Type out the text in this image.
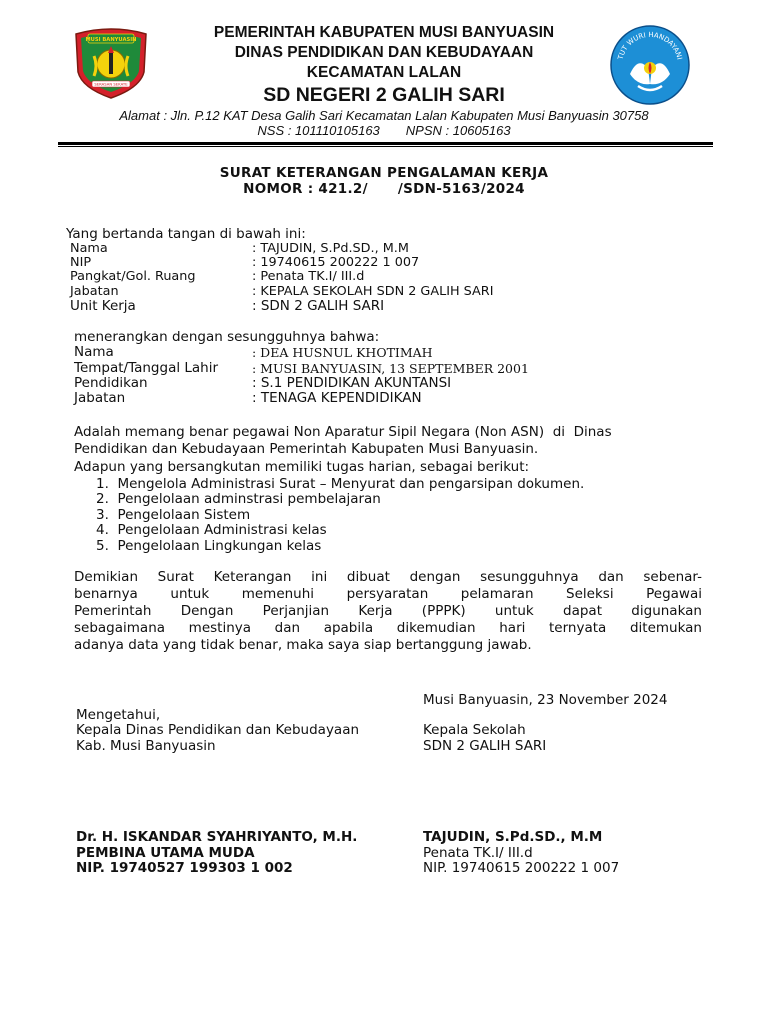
MUSI BANYUASIN
SERASAN SEKATE
TUT WURI HANDAYANI
PEMERINTAH KABUPATEN MUSI BANYUASIN
DINAS PENDIDIKAN DAN KEBUDAYAAN
KECAMATAN LALAN
SD NEGERI 2 GALIH SARI
Alamat : Jln. P.12 KAT Desa Galih Sari Kecamatan Lalan Kabupaten Musi Banyuasin 30758
NSS : 101110105163 NPSN : 10605163
SURAT KETERANGAN PENGALAMAN KERJA
NOMOR : 421.2/      /SDN-5163/2024
Yang bertanda tangan di bawah ini:
Nama	: TAJUDIN, S.Pd.SD., M.M
NIP	: 19740615 200222 1 007
Pangkat/Gol. Ruang	: Penata TK.I/ III.d
Jabatan	: KEPALA SEKOLAH SDN 2 GALIH SARI
Unit Kerja	: SDN 2 GALIH SARI
menerangkan dengan sesungguhnya bahwa:
Nama	: DEA HUSNUL KHOTIMAH
Tempat/Tanggal Lahir	: MUSI BANYUASIN, 13 SEPTEMBER 2001
Pendidikan	: S.1 PENDIDIKAN AKUNTANSI
Jabatan	: TENAGA KEPENDIDIKAN
Adalah memang benar pegawai Non Aparatur Sipil Negara (Non ASN)  di  Dinas
Pendidikan dan Kebudayaan Pemerintah Kabupaten Musi Banyuasin.
Adapun yang bersangkutan memiliki tugas harian, sebagai berikut:
1.  Mengelola Administrasi Surat – Menyurat dan pengarsipan dokumen.
2.  Pengelolaan adminstrasi pembelajaran
3.  Pengelolaan Sistem
4.  Pengelolaan Administrasi kelas
5.  Pengelolaan Lingkungan kelas
Demikian Surat Keterangan ini dibuat dengan sesungguhnya dan sebenar-
benarnya untuk memenuhi persyaratan pelamaran Seleksi Pegawai
Pemerintah Dengan Perjanjian Kerja (PPPK) untuk dapat digunakan
sebagaimana mestinya dan apabila dikemudian hari ternyata ditemukan
adanya data yang tidak benar, maka saya siap bertanggung jawab.
Musi Banyuasin, 23 November 2024
Mengetahui,
Kepala Dinas Pendidikan dan Kebudayaan
Kab. Musi Banyuasin
Kepala Sekolah
SDN 2 GALIH SARI
Dr. H. ISKANDAR SYAHRIYANTO, M.H.
PEMBINA UTAMA MUDA
NIP. 19740527 199303 1 002
TAJUDIN, S.Pd.SD., M.M
Penata TK.I/ III.d
NIP. 19740615 200222 1 007
